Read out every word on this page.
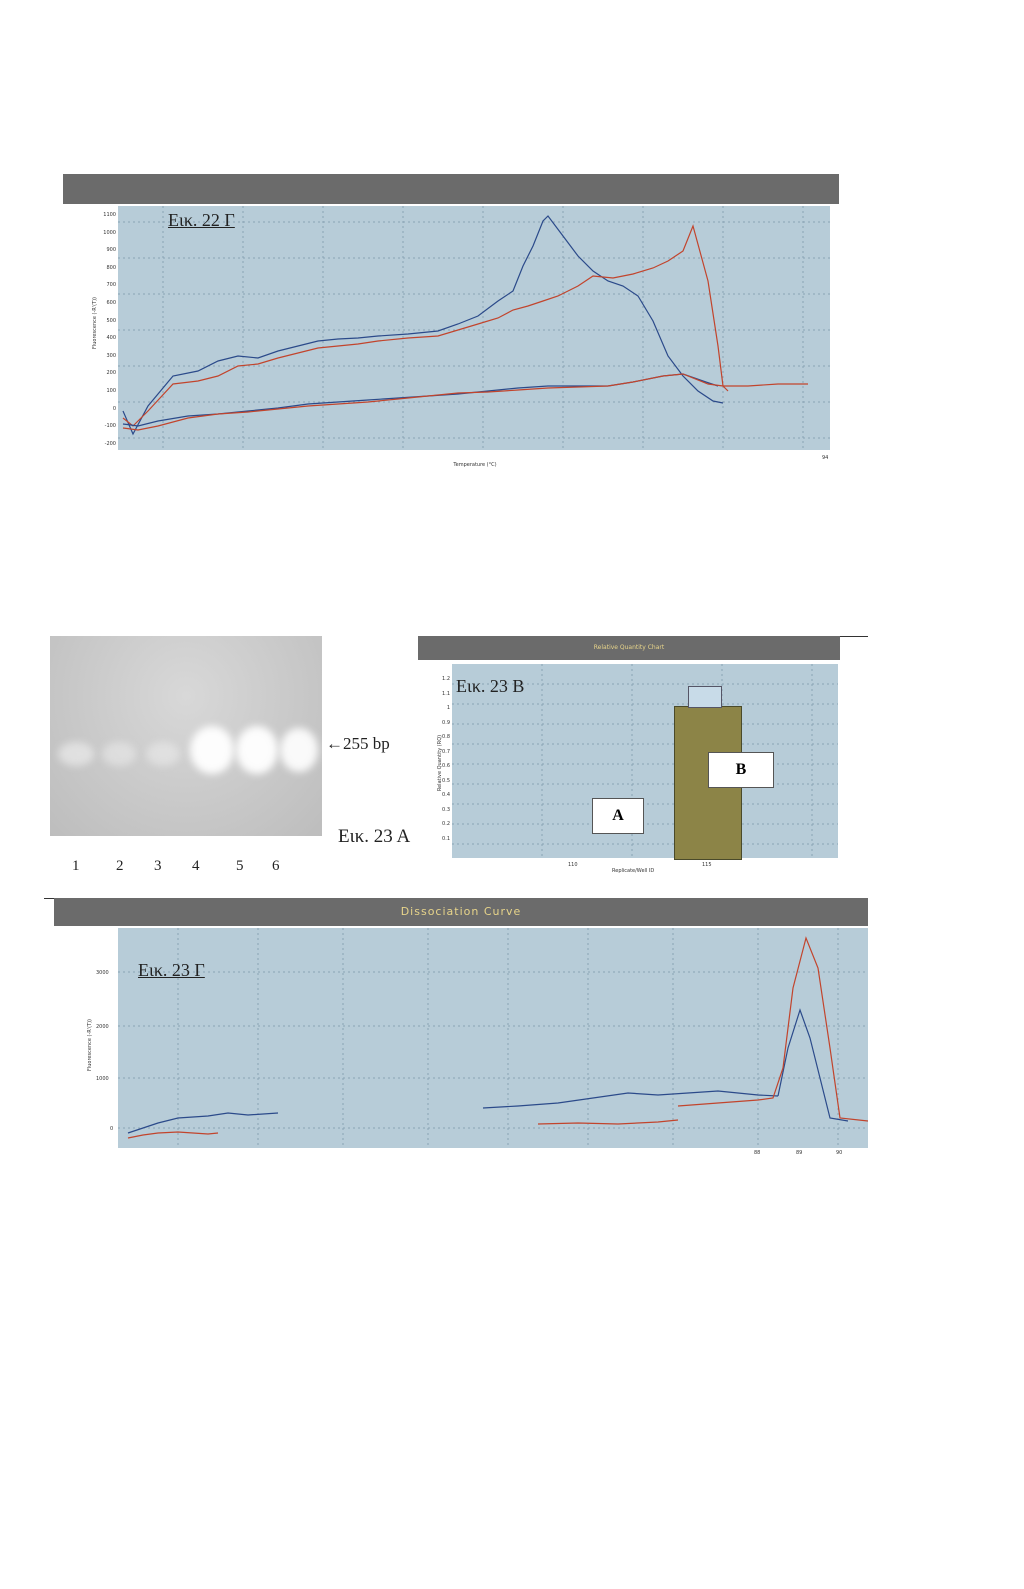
Εικ. 22 Γ
1100
1000
900
800
700
600
500
400
300
200
100
0
-100
-200
Fluorescence (-R'(T))
Temperature (°C)
94
←255 bp
Εικ. 23 Α
1 2 3 4 5 6
Relative Quantity Chart
Εικ. 23 Β
B
A
110	115
Replicate/Well ID
Relative Quantity (RQ)
1.2
1.1
1
0.9
0.8
0.7
0.6
0.5
0.4
0.3
0.2
0.1
Dissociation Curve
Εικ. 23 Γ
3000
2000
1000
0
Fluorescence (-R'(T))
88	89	90
